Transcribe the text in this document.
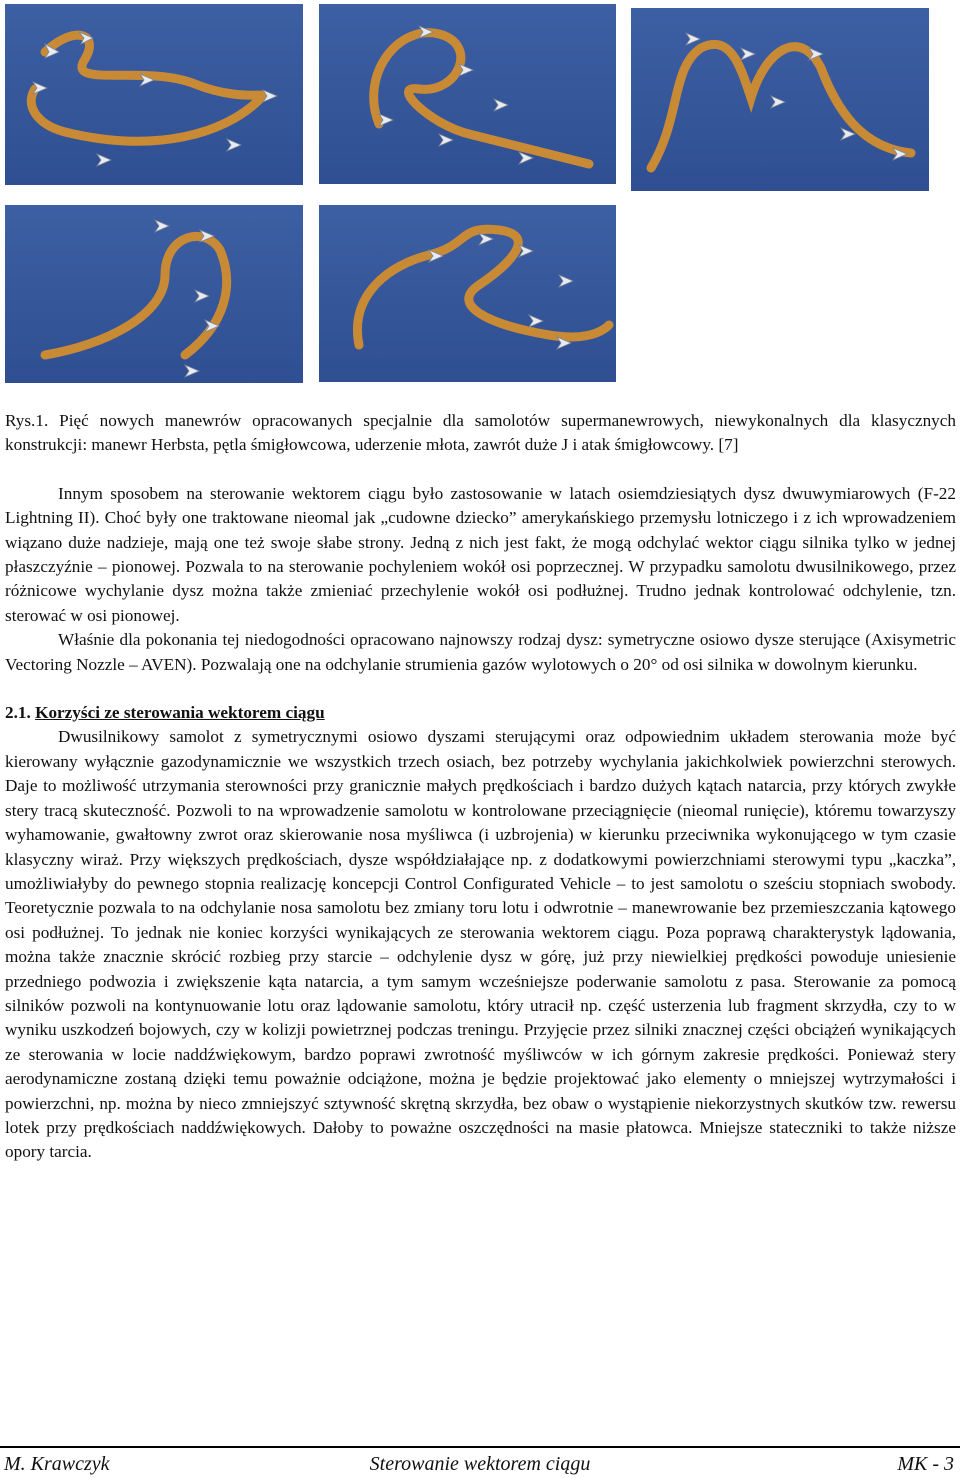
Rys.1. Pięć nowych manewrów opracowanych specjalnie dla samolotów supermanewrowych, niewykonalnych dla klasycznych konstrukcji: manewr Herbsta, pętla śmigłowcowa, uderzenie młota, zawrót duże J i atak śmigłowcowy. [7]

Innym sposobem na sterowanie wektorem ciągu było zastosowanie w latach osiemdziesiątych dysz dwuwymiarowych (F-22 Lightning II). Choć były one traktowane nieomal jak „cudowne dziecko” amerykańskiego przemysłu lotniczego i z ich wprowadzeniem wiązano duże nadzieje, mają one też swoje słabe strony. Jedną z nich jest fakt, że mogą odchylać wektor ciągu silnika tylko w jednej płaszczyźnie – pionowej. Pozwala to na sterowanie pochyleniem wokół osi poprzecznej. W przypadku samolotu dwusilnikowego, przez różnicowe wychylanie dysz można także zmieniać przechylenie wokół osi podłużnej. Trudno jednak kontrolować odchylenie, tzn. sterować w osi pionowej.

Właśnie dla pokonania tej niedogodności opracowano najnowszy rodzaj dysz: symetryczne osiowo dysze sterujące (Axisymetric Vectoring Nozzle – AVEN). Pozwalają one na odchylanie strumienia gazów wylotowych o 20° od osi silnika w dowolnym kierunku.

2.1. Korzyści ze sterowania wektorem ciągu

Dwusilnikowy samolot z symetrycznymi osiowo dyszami sterującymi oraz odpowiednim układem sterowania może być kierowany wyłącznie gazodynamicznie we wszystkich trzech osiach, bez potrzeby wychylania jakichkolwiek powierzchni sterowych. Daje to możliwość utrzymania sterowności przy granicznie małych prędkościach i bardzo dużych kątach natarcia, przy których zwykłe stery tracą skuteczność. Pozwoli to na wprowadzenie samolotu w kontrolowane przeciągnięcie (nieomal runięcie), któremu towarzyszy wyhamowanie, gwałtowny zwrot oraz skierowanie nosa myśliwca (i uzbrojenia) w kierunku przeciwnika wykonującego w tym czasie klasyczny wiraż. Przy większych prędkościach, dysze współdziałające np. z dodatkowymi powierzchniami sterowymi typu „kaczka”, umożliwiałyby do pewnego stopnia realizację koncepcji Control Configurated Vehicle – to jest samolotu o sześciu stopniach swobody. Teoretycznie pozwala to na odchylanie nosa samolotu bez zmiany toru lotu i odwrotnie – manewrowanie bez przemieszczania kątowego osi podłużnej. To jednak nie koniec korzyści wynikających ze sterowania wektorem ciągu. Poza poprawą charakterystyk lądowania, można także znacznie skrócić rozbieg przy starcie – odchylenie dysz w górę, już przy niewielkiej prędkości powoduje uniesienie przedniego podwozia i zwiększenie kąta natarcia, a tym samym wcześniejsze poderwanie samolotu z pasa. Sterowanie za pomocą silników pozwoli na kontynuowanie lotu oraz lądowanie samolotu, który utracił np. część usterzenia lub fragment skrzydła, czy to w wyniku uszkodzeń bojowych, czy w kolizji powietrznej podczas treningu. Przyjęcie przez silniki znacznej części obciążeń wynikających ze sterowania w locie naddźwiękowym, bardzo poprawi zwrotność myśliwców w ich górnym zakresie prędkości. Ponieważ stery aerodynamiczne zostaną dzięki temu poważnie odciążone, można je będzie projektować jako elementy o mniejszej wytrzymałości i powierzchni, np. można by nieco zmniejszyć sztywność skrętną skrzydła, bez obaw o wystąpienie niekorzystnych skutków tzw. rewersu lotek przy prędkościach naddźwiękowych. Dałoby to poważne oszczędności na masie płatowca. Mniejsze stateczniki to także niższe opory tarcia.

M. Krawczyk	Sterowanie wektorem ciągu	MK - 3
